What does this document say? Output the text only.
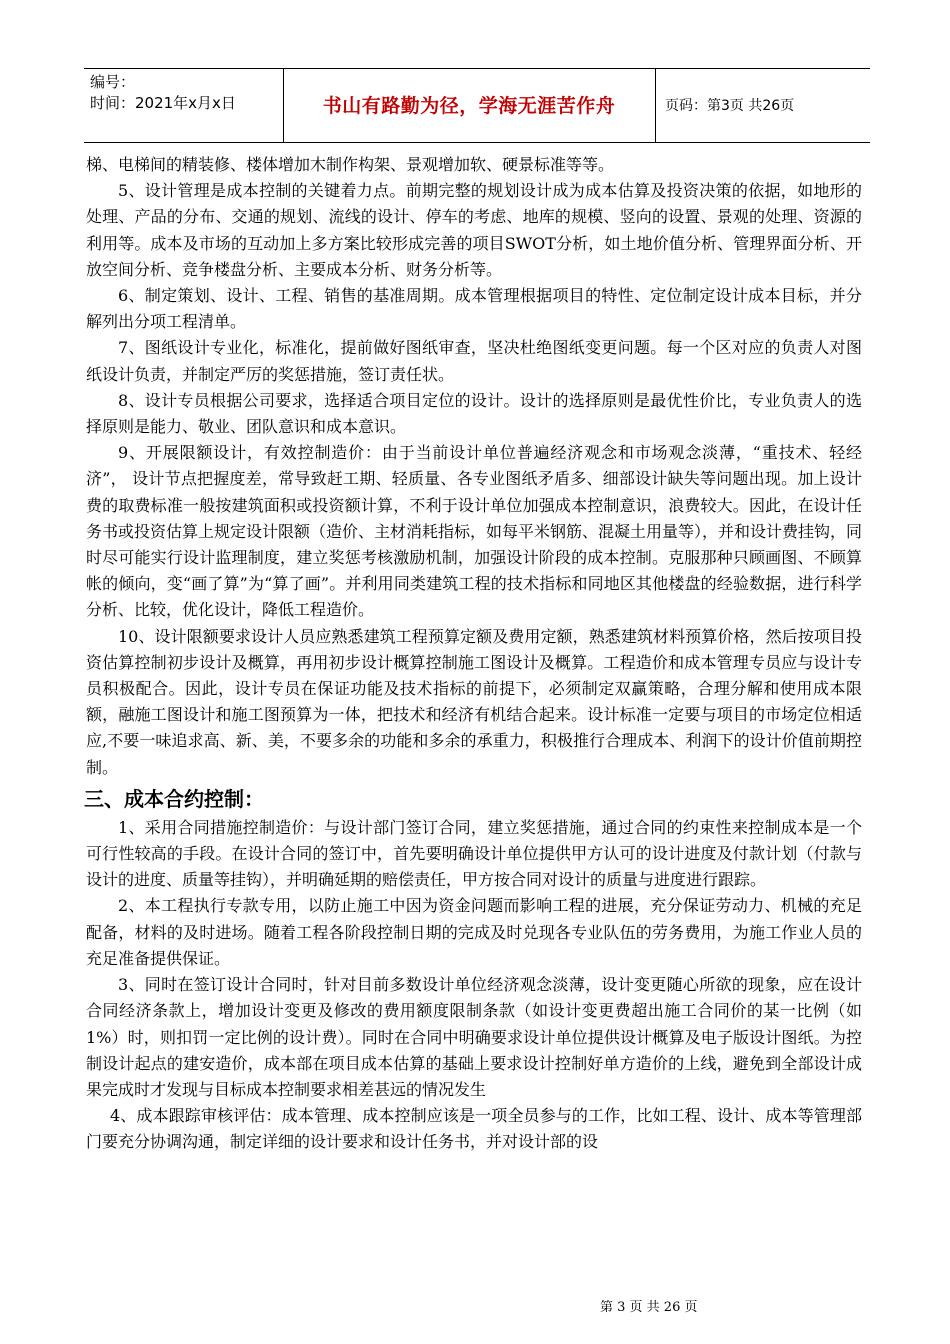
编号：
时间：2021年x月x日	书山有路勤为径，学海无涯苦作舟	页码：第3页 共26页

梯、电梯间的精装修、楼体增加木制作构架、景观增加软、硬景标准等等。

5、设计管理是成本控制的关键着力点。前期完整的规划设计成为成本估算及投资决策的依据，如地形的处理、产品的分布、交通的规划、流线的设计、停车的考虑、地库的规模、竖向的设置、景观的处理、资源的利用等。成本及市场的互动加上多方案比较形成完善的项目SWOT分析，如土地价值分析、管理界面分析、开放空间分析、竞争楼盘分析、主要成本分析、财务分析等。

6、制定策划、设计、工程、销售的基准周期。成本管理根据项目的特性、定位制定设计成本目标，并分解列出分项工程清单。

7、图纸设计专业化，标准化，提前做好图纸审查，坚决杜绝图纸变更问题。每一个区对应的负责人对图纸设计负责，并制定严厉的奖惩措施，签订责任状。

8、设计专员根据公司要求，选择适合项目定位的设计。设计的选择原则是最优性价比，专业负责人的选择原则是能力、敬业、团队意识和成本意识。

9、开展限额设计，有效控制造价：由于当前设计单位普遍经济观念和市场观念淡薄，“重技术、轻经济”， 设计节点把握度差，常导致赶工期、轻质量、各专业图纸矛盾多、细部设计缺失等问题出现。加上设计费的取费标准一般按建筑面积或投资额计算，不利于设计单位加强成本控制意识，浪费较大。因此，在设计任务书或投资估算上规定设计限额（造价、主材消耗指标，如每平米钢筋、混凝土用量等），并和设计费挂钩，同时尽可能实行设计监理制度，建立奖惩考核激励机制，加强设计阶段的成本控制。克服那种只顾画图、不顾算帐的倾向，变“画了算”为“算了画”。并利用同类建筑工程的技术指标和同地区其他楼盘的经验数据，进行科学分析、比较，优化设计，降低工程造价。

10、设计限额要求设计人员应熟悉建筑工程预算定额及费用定额，熟悉建筑材料预算价格，然后按项目投资估算控制初步设计及概算，再用初步设计概算控制施工图设计及概算。工程造价和成本管理专员应与设计专员积极配合。因此，设计专员在保证功能及技术指标的前提下，必须制定双赢策略，合理分解和使用成本限额，融施工图设计和施工图预算为一体，把技术和经济有机结合起来。设计标准一定要与项目的市场定位相适应,不要一味追求高、新、美，不要多余的功能和多余的承重力，积极推行合理成本、利润下的设计价值前期控制。

三、成本合约控制：

1、采用合同措施控制造价：与设计部门签订合同，建立奖惩措施，通过合同的约束性来控制成本是一个可行性较高的手段。在设计合同的签订中，首先要明确设计单位提供甲方认可的设计进度及付款计划（付款与设计的进度、质量等挂钩），并明确延期的赔偿责任，甲方按合同对设计的质量与进度进行跟踪。

2、本工程执行专款专用，以防止施工中因为资金问题而影响工程的进展，充分保证劳动力、机械的充足配备，材料的及时进场。随着工程各阶段控制日期的完成及时兑现各专业队伍的劳务费用，为施工作业人员的充足准备提供保证。

3、同时在签订设计合同时，针对目前多数设计单位经济观念淡薄，设计变更随心所欲的现象，应在设计合同经济条款上，增加设计变更及修改的费用额度限制条款（如设计变更费超出施工合同价的某一比例（如1%）时，则扣罚一定比例的设计费）。同时在合同中明确要求设计单位提供设计概算及电子版设计图纸。为控制设计起点的建安造价，成本部在项目成本估算的基础上要求设计控制好单方造价的上线，避免到全部设计成果完成时才发现与目标成本控制要求相差甚远的情况发生

4、成本跟踪审核评估：成本管理、成本控制应该是一项全员参与的工作，比如工程、设计、成本等管理部门要充分协调沟通，制定详细的设计要求和设计任务书，并对设计部的设

第 3 页 共 26 页
